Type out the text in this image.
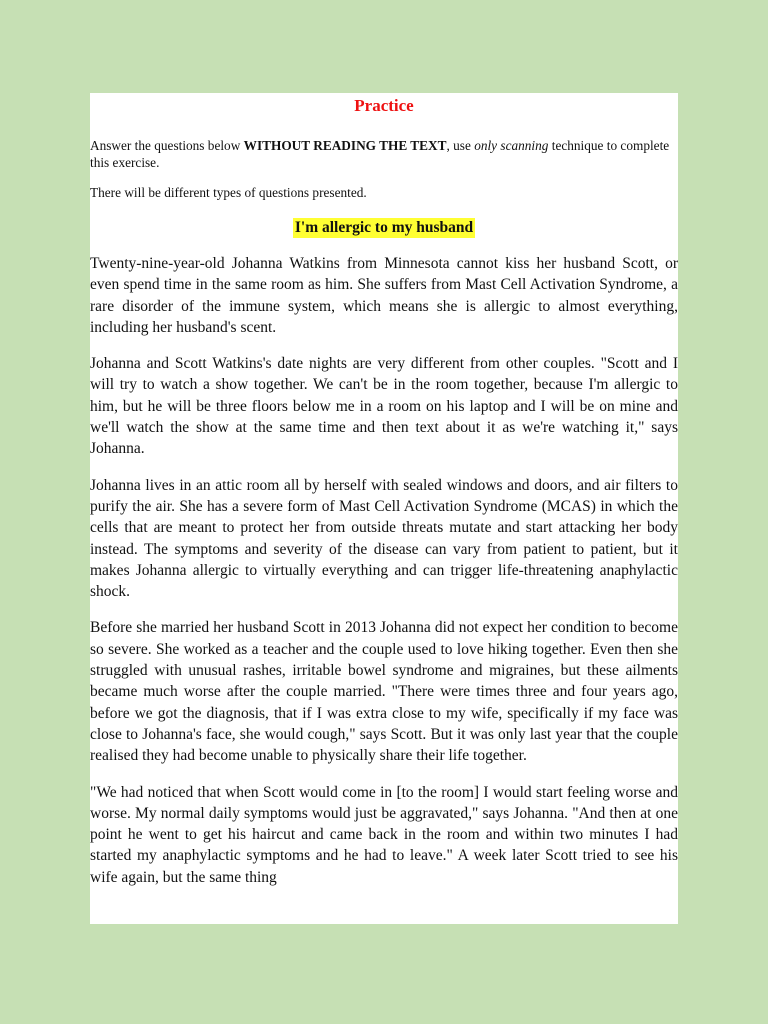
Practice

Answer the questions below WITHOUT READING THE TEXT, use only scanning technique to complete this exercise.

There will be different types of questions presented.

I'm allergic to my husband

Twenty-nine-year-old Johanna Watkins from Minnesota cannot kiss her husband Scott, or even spend time in the same room as him. She suffers from Mast Cell Activation Syndrome, a rare disorder of the immune system, which means she is allergic to almost everything, including her husband's scent.

Johanna and Scott Watkins's date nights are very different from other couples. "Scott and I will try to watch a show together. We can't be in the room together, because I'm allergic to him, but he will be three floors below me in a room on his laptop and I will be on mine and we'll watch the show at the same time and then text about it as we're watching it," says Johanna.

Johanna lives in an attic room all by herself with sealed windows and doors, and air filters to purify the air. She has a severe form of Mast Cell Activation Syndrome (MCAS) in which the cells that are meant to protect her from outside threats mutate and start attacking her body instead. The symptoms and severity of the disease can vary from patient to patient, but it makes Johanna allergic to virtually everything and can trigger life-threatening anaphylactic shock.

Before she married her husband Scott in 2013 Johanna did not expect her condition to become so severe. She worked as a teacher and the couple used to love hiking together. Even then she struggled with unusual rashes, irritable bowel syndrome and migraines, but these ailments became much worse after the couple married. "There were times three and four years ago, before we got the diagnosis, that if I was extra close to my wife, specifically if my face was close to Johanna's face, she would cough," says Scott. But it was only last year that the couple realised they had become unable to physically share their life together.

"We had noticed that when Scott would come in [to the room] I would start feeling worse and worse. My normal daily symptoms would just be aggravated," says Johanna. "And then at one point he went to get his haircut and came back in the room and within two minutes I had started my anaphylactic symptoms and he had to leave." A week later Scott tried to see his wife again, but the same thing
